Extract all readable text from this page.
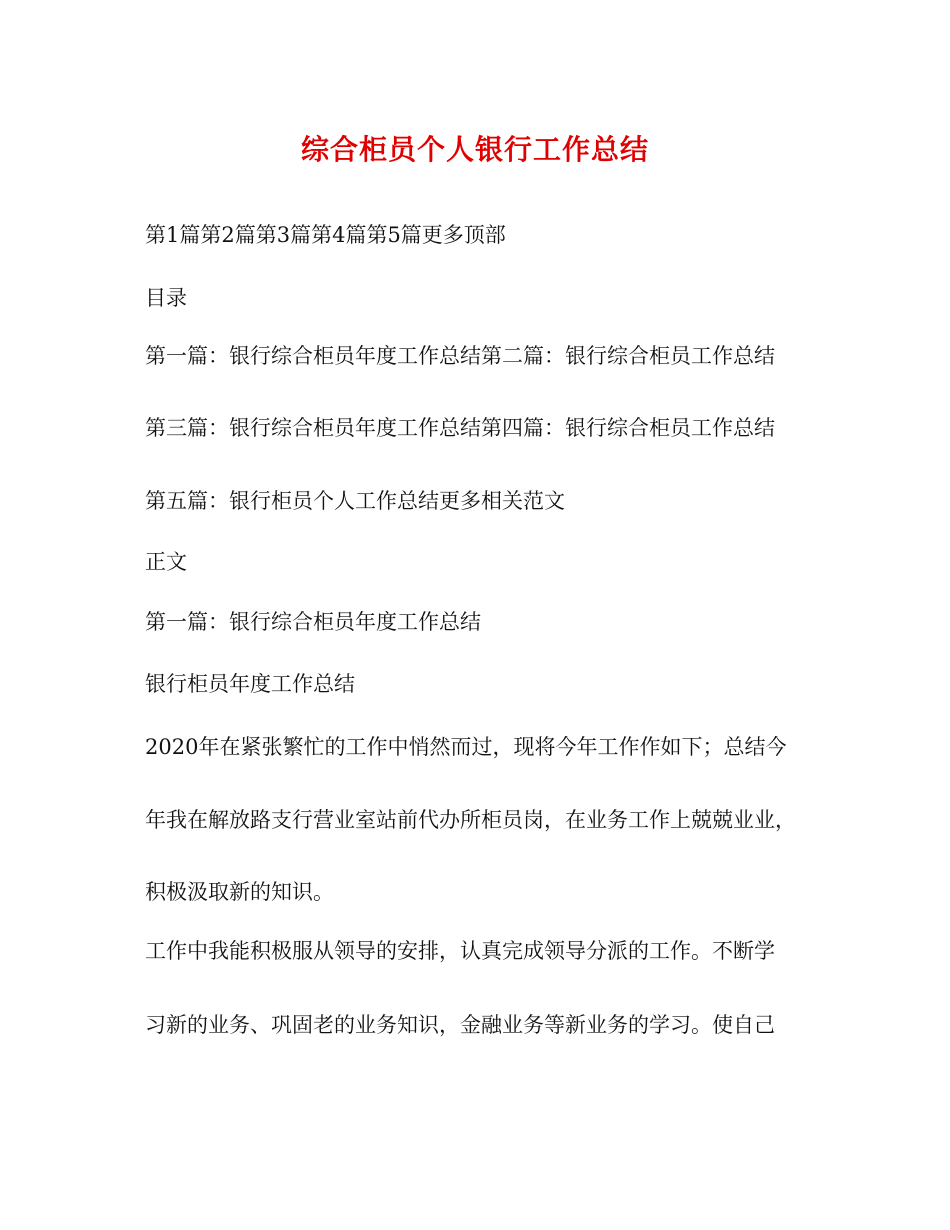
综合柜员个人银行工作总结
第1篇第2篇第3篇第4篇第5篇更多顶部
目录
第一篇：银行综合柜员年度工作总结第二篇：银行综合柜员工作总结
第三篇：银行综合柜员年度工作总结第四篇：银行综合柜员工作总结
第五篇：银行柜员个人工作总结更多相关范文
正文
第一篇：银行综合柜员年度工作总结
银行柜员年度工作总结
2020年在紧张繁忙的工作中悄然而过，现将今年工作作如下；总结今
年我在解放路支行营业室站前代办所柜员岗，在业务工作上兢兢业业，
积极汲取新的知识。
工作中我能积极服从领导的安排，认真完成领导分派的工作。不断学
习新的业务、巩固老的业务知识，金融业务等新业务的学习。使自己
